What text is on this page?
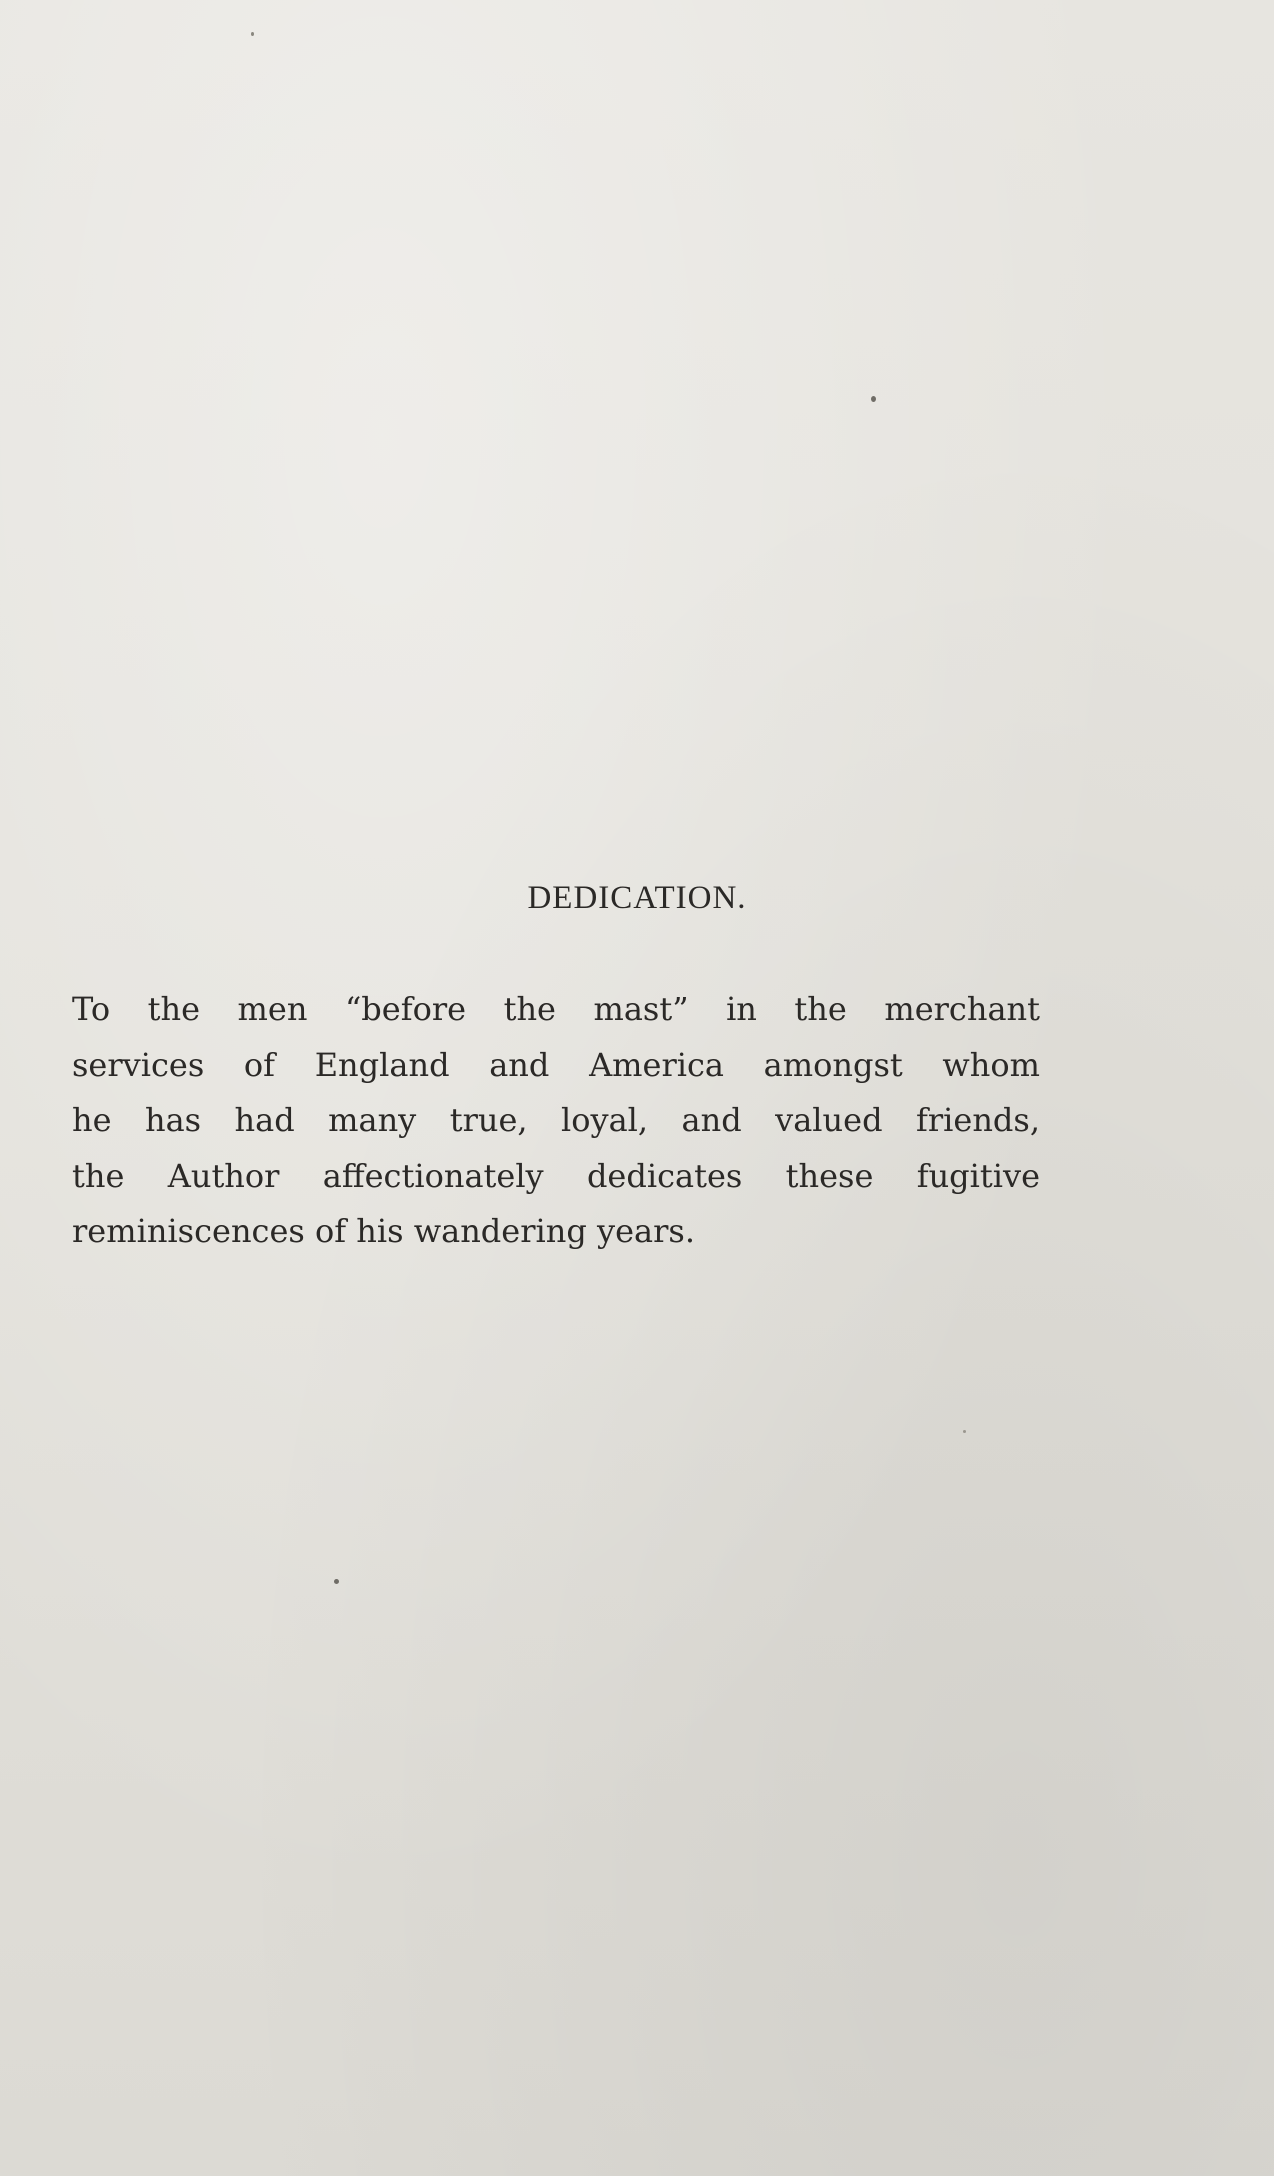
DEDICATION.
To the men “before the mast” in the merchant
services of England and America amongst whom
he has had many true, loyal, and valued friends,
the Author affectionately dedicates these fugitive
reminiscences of his wandering years.
